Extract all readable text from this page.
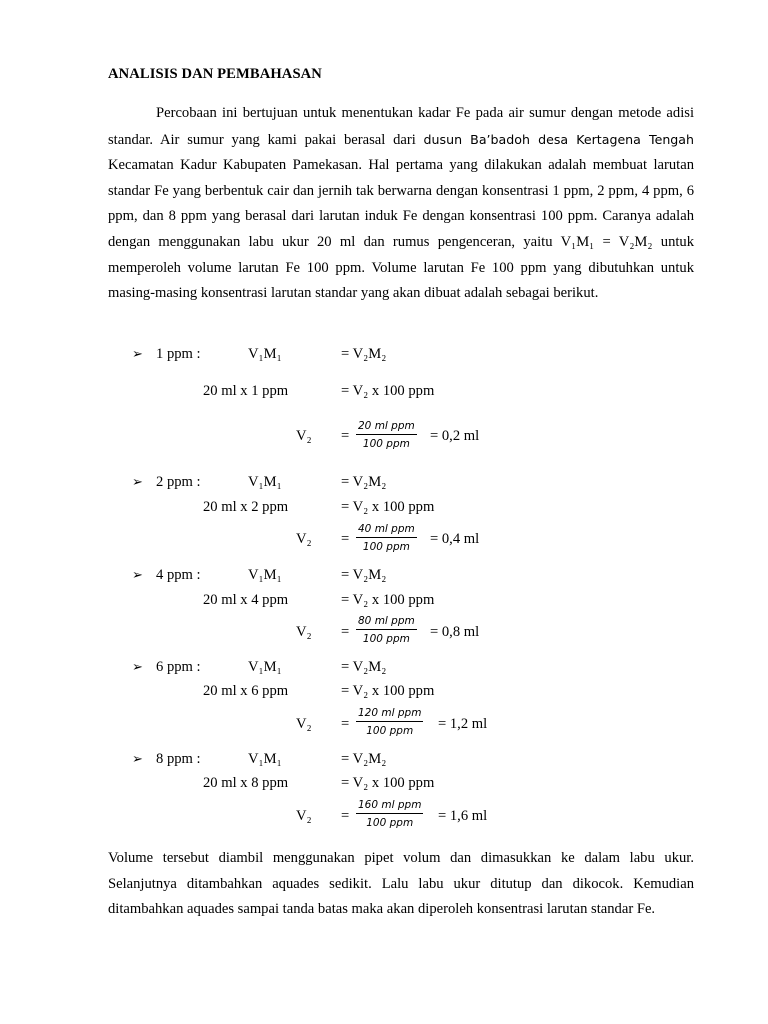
ANALISIS DAN PEMBAHASAN

Percobaan ini bertujuan untuk menentukan kadar Fe pada air sumur dengan metode adisi standar. Air sumur yang kami pakai berasal dari dusun Ba’badoh desa Kertagena Tengah Kecamatan Kadur Kabupaten Pamekasan. Hal pertama yang dilakukan adalah membuat larutan standar Fe yang berbentuk cair dan jernih tak berwarna dengan konsentrasi 1 ppm, 2 ppm, 4 ppm, 6 ppm, dan 8 ppm yang berasal dari larutan induk Fe dengan konsentrasi 100 ppm. Caranya adalah dengan menggunakan labu ukur 20 ml dan rumus pengenceran, yaitu V₁M₁ = V₂M₂ untuk memperoleh volume larutan Fe 100 ppm. Volume larutan Fe 100 ppm yang dibutuhkan untuk masing-masing konsentrasi larutan standar yang akan dibuat adalah sebagai berikut.

➢ 1 ppm :	V₁M₁	= V₂M₂
20 ml x 1 ppm	= V₂ x 100 ppm
V₂ =
20 ml ppm
100 ppm	= 0,2 ml
➢ 2 ppm :	V₁M₁	= V₂M₂
20 ml x 2 ppm	= V₂ x 100 ppm
V₂ =
40 ml ppm
100 ppm	= 0,4 ml
➢ 4 ppm :	V₁M₁	= V₂M₂
20 ml x 4 ppm	= V₂ x 100 ppm
V₂ =
80 ml ppm
100 ppm	= 0,8 ml
➢ 6 ppm :	V₁M₁	= V₂M₂
20 ml x 6 ppm	= V₂ x 100 ppm
V₂ =
120 ml ppm
100 ppm	= 1,2 ml
➢ 8 ppm :	V₁M₁	= V₂M₂
20 ml x 8 ppm	= V₂ x 100 ppm
V₂ =
160 ml ppm
100 ppm	= 1,6 ml

Volume tersebut diambil menggunakan pipet volum dan dimasukkan ke dalam labu ukur. Selanjutnya ditambahkan aquades sedikit. Lalu labu ukur ditutup dan dikocok. Kemudian ditambahkan aquades sampai tanda batas maka akan diperoleh konsentrasi larutan standar Fe.
